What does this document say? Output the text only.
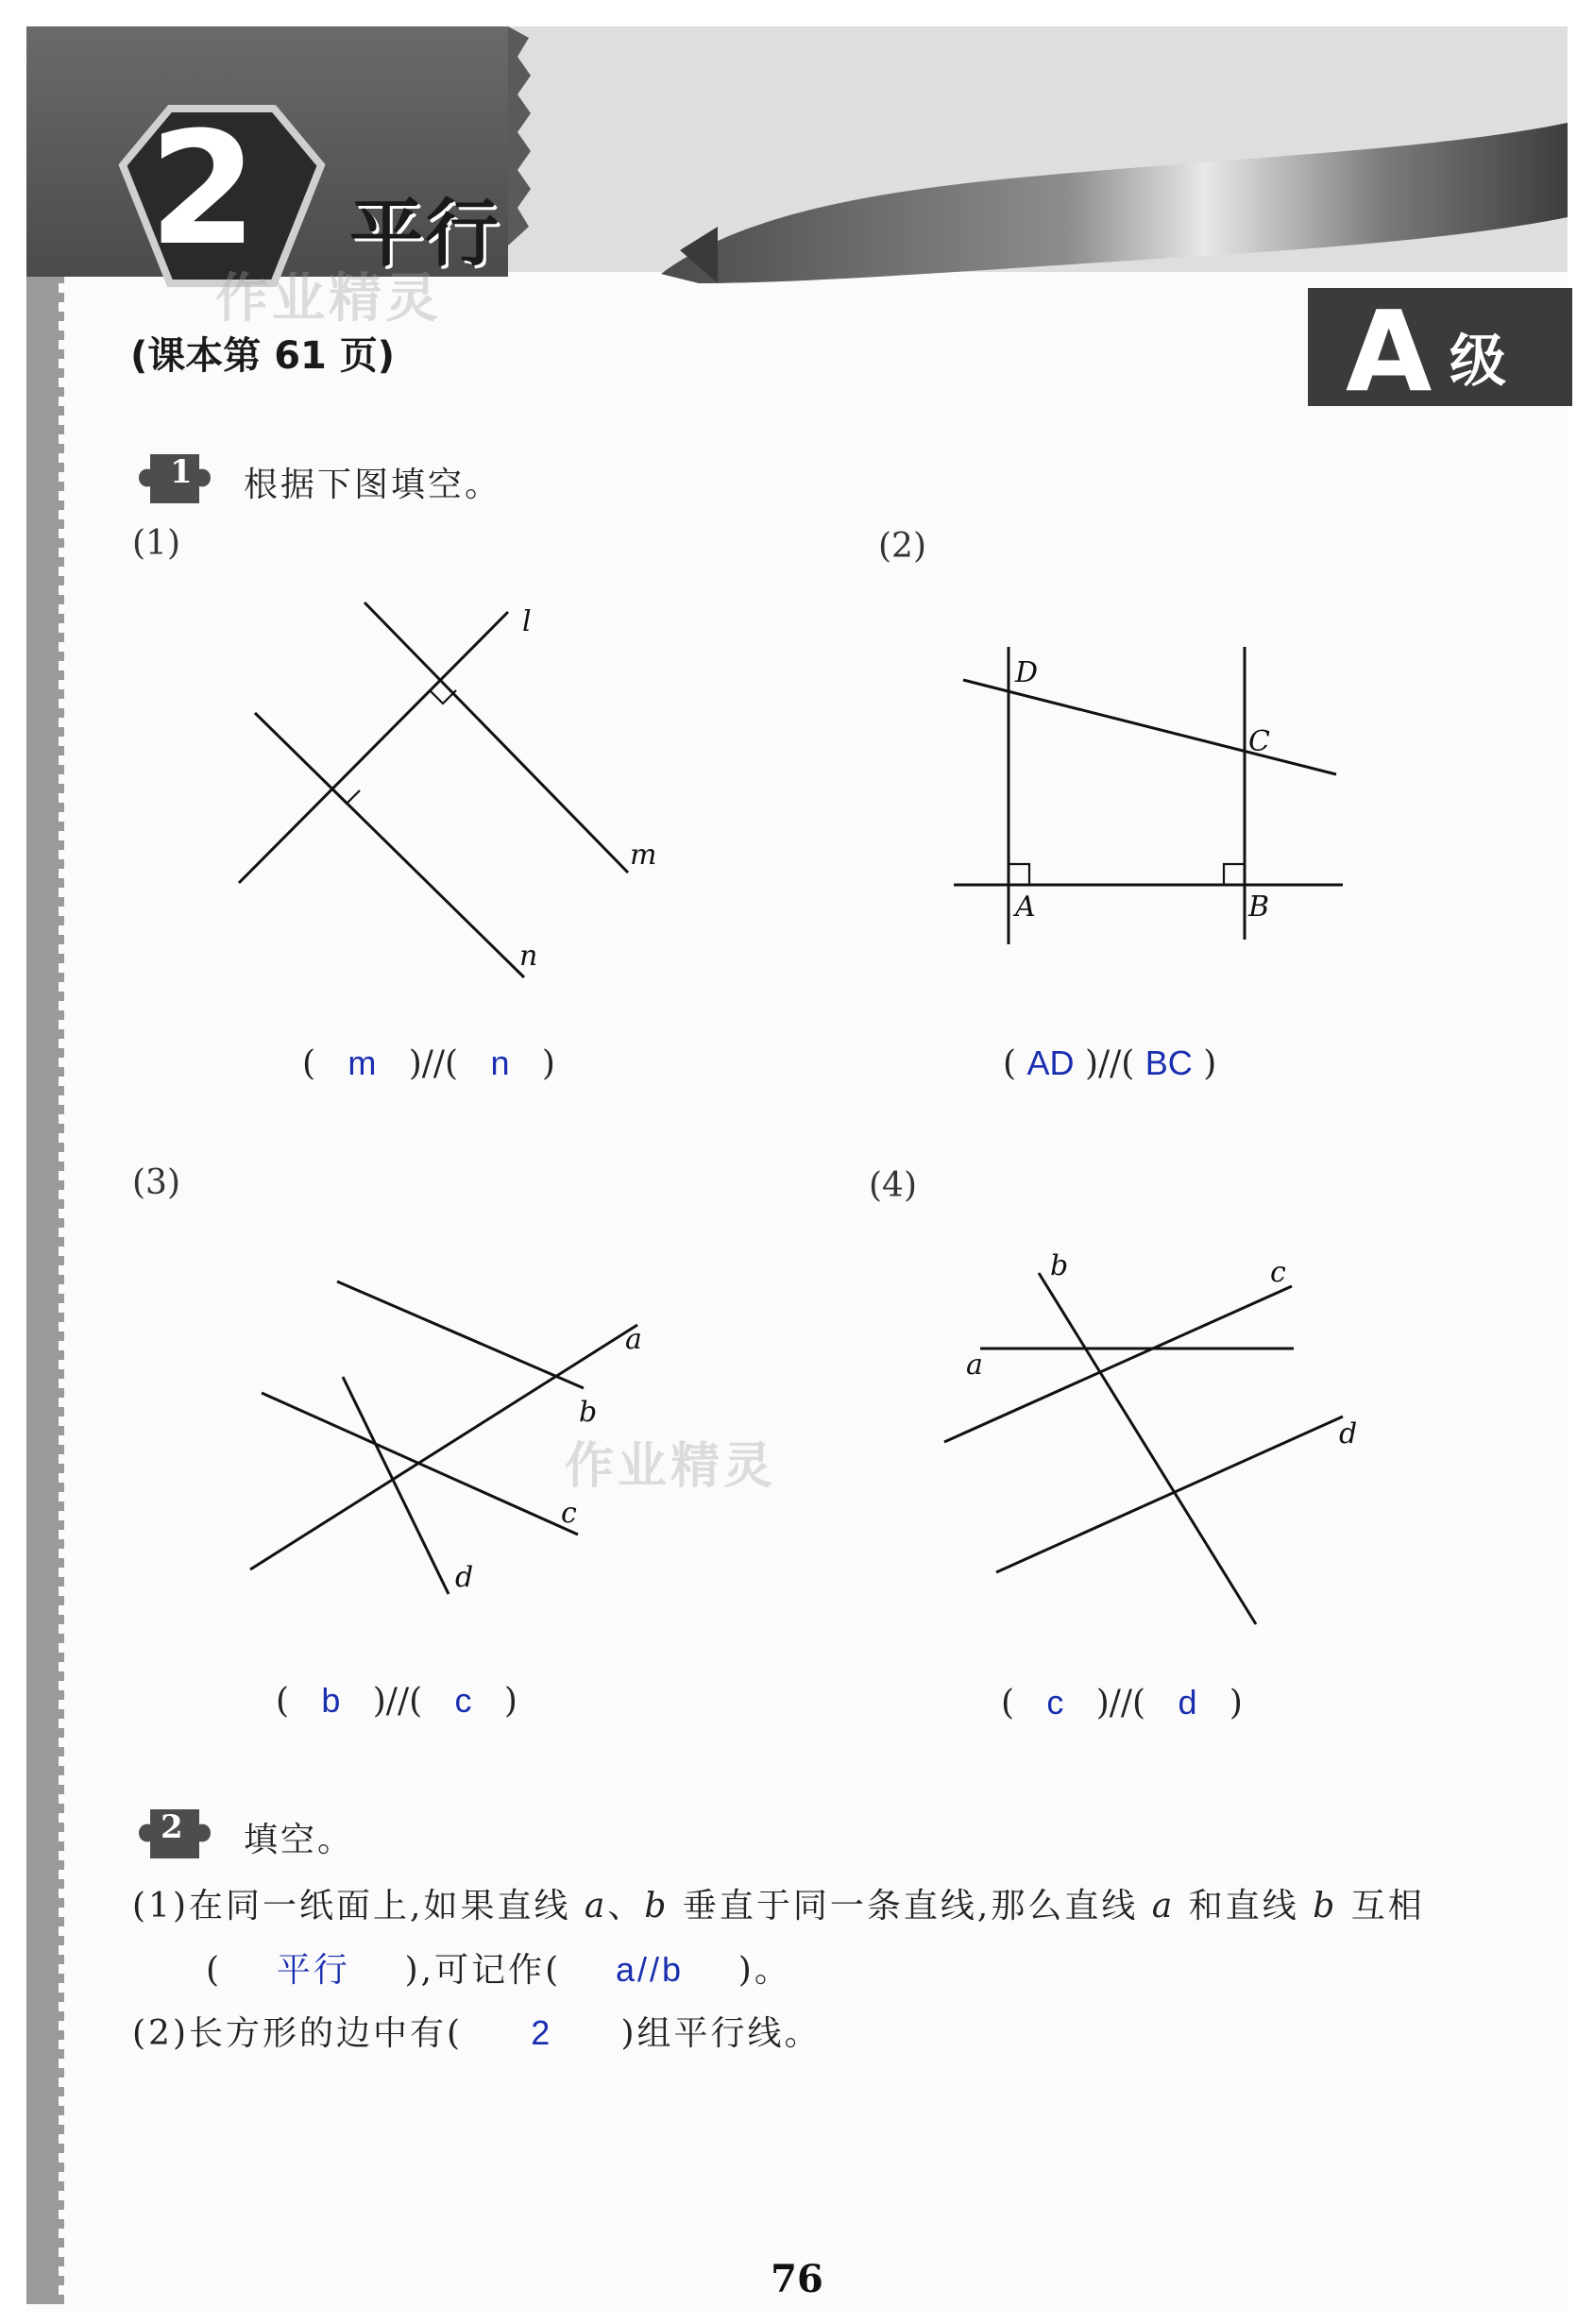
2 平行
作业精灵
(课本第 61 页)	A 级
1 根据下图填空。
(1)	(2)
(3)	(4)
l
m
n
D
C
A	B
a
b
c
d
b	c
a
d
作业精灵
( m )//( n )	( AD )//( BC )
( b )//( c )	( c )//( d )
2 填空。
(1)在同一纸面上,如果直线 a、b 垂直于同一条直线,那么直线 a 和直线 b 互相
( 平行 ),可记作( a//b )。
(2)长方形的边中有( 2 )组平行线。
76
